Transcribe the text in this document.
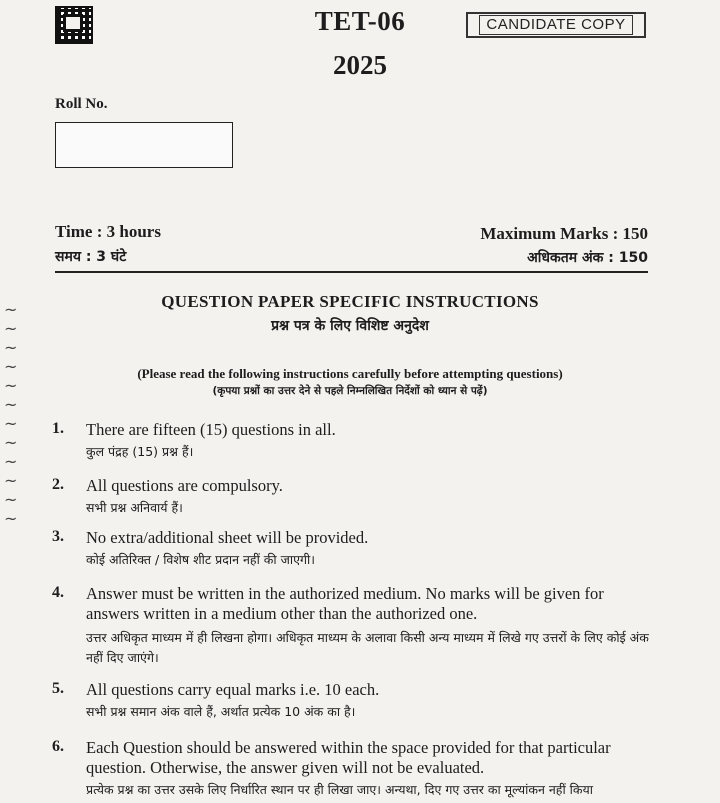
TET-06
2025
CANDIDATE COPY
Roll No.
Time : 3 hours
समय : 3 घंटे
Maximum Marks : 150
अधिकतम अंक : 150
QUESTION PAPER SPECIFIC INSTRUCTIONS
प्रश्न पत्र के लिए विशिष्ट अनुदेश
(Please read the following instructions carefully before attempting questions)
(कृपया प्रश्नों का उत्तर देने से पहले निम्नलिखित निर्देशों को ध्यान से पढ़ें)
~
~
~
~
~
~
~
~
~
~
~
~
1.	There are fifteen (15) questions in all.
कुल पंद्रह (15) प्रश्न हैं।
2.	All questions are compulsory.
सभी प्रश्न अनिवार्य हैं।
3.	No extra/additional sheet will be provided.
कोई अतिरिक्त / विशेष शीट प्रदान नहीं की जाएगी।
4.	Answer must be written in the authorized medium. No marks will be given for answers written in a medium other than the authorized one.
उत्तर अधिकृत माध्यम में ही लिखना होगा। अधिकृत माध्यम के अलावा किसी अन्य माध्यम में लिखे गए उत्तरों के लिए कोई अंक नहीं दिए जाएंगे।
5.	All questions carry equal marks i.e. 10 each.
सभी प्रश्न समान अंक वाले हैं, अर्थात प्रत्येक 10 अंक का है।
6.	Each Question should be answered within the space provided for that particular question. Otherwise, the answer given will not be evaluated.
प्रत्येक प्रश्न का उत्तर उसके लिए निर्धारित स्थान पर ही लिखा जाए। अन्यथा, दिए गए उत्तर का मूल्यांकन नहीं किया
